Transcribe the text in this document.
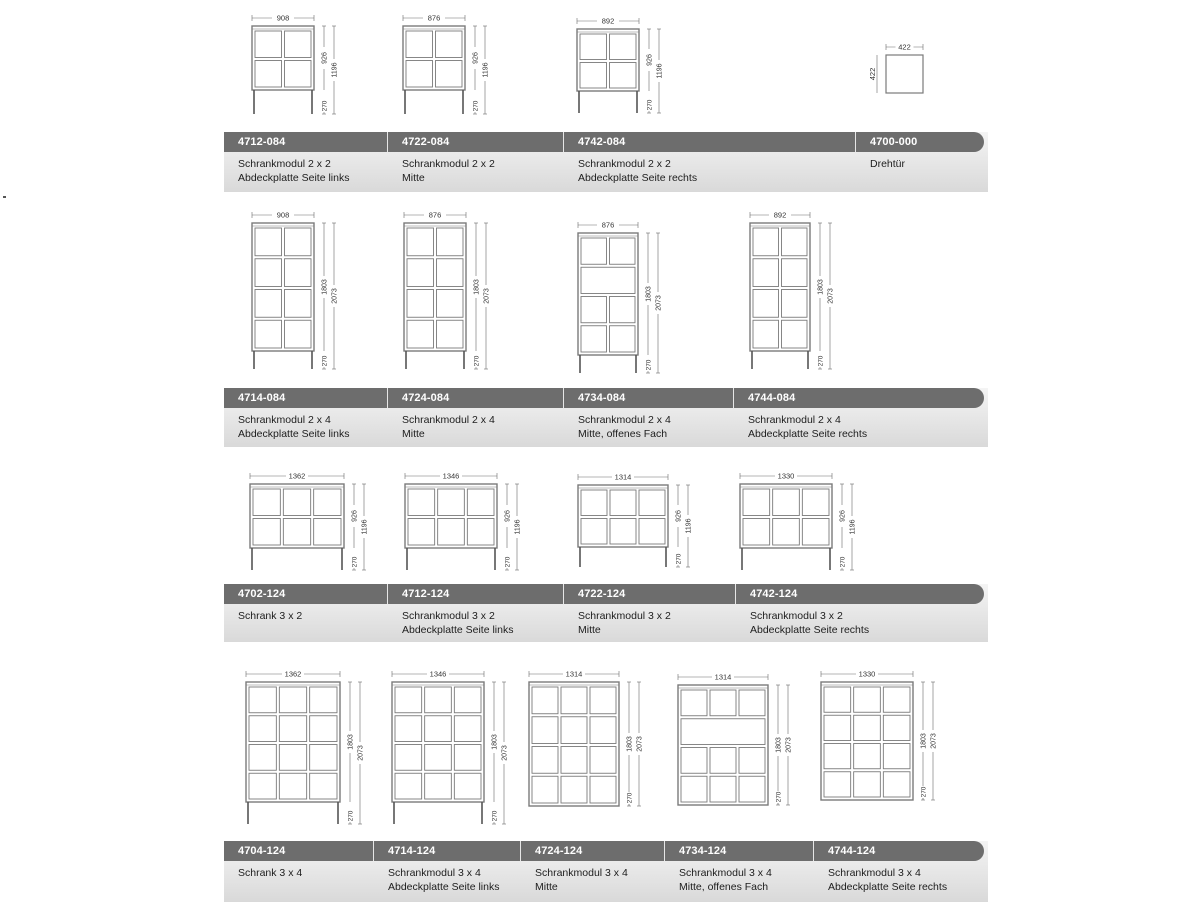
908
926
1196
270
876
926
1196
270
892
926
1196
270
422
422
908
1803
2073
270
876
1803
2073
270
876
1803
2073
270
892
1803
2073
270
1362
926
1196
270
1346
926
1196
270
1314
926
1196
270
1330
926
1196
270
1362
1803
2073
270
1346
1803
2073
270
1314
1803 2073
270
1314
1803 2073
270
1330
1803 2073
270
4712-084
Schrankmodul 2 x 2
Abdeckplatte Seite links
4722-084
Schrankmodul 2 x 2
Mitte
4742-084
Schrankmodul 2 x 2
Abdeckplatte Seite rechts
4700-000
Drehtür
4714-084
Schrankmodul 2 x 4
Abdeckplatte Seite links
4724-084
Schrankmodul 2 x 4
Mitte
4734-084
Schrankmodul 2 x 4
Mitte, offenes Fach
4744-084
Schrankmodul 2 x 4
Abdeckplatte Seite rechts
4702-124
Schrank 3 x 2
4712-124
Schrankmodul 3 x 2
Abdeckplatte Seite links
4722-124
Schrankmodul 3 x 2
Mitte
4742-124
Schrankmodul 3 x 2
Abdeckplatte Seite rechts
4704-124
Schrank 3 x 4
4714-124
Schrankmodul 3 x 4
Abdeckplatte Seite links
4724-124
Schrankmodul 3 x 4
Mitte
4734-124
Schrankmodul 3 x 4
Mitte, offenes Fach
4744-124
Schrankmodul 3 x 4
Abdeckplatte Seite rechts
